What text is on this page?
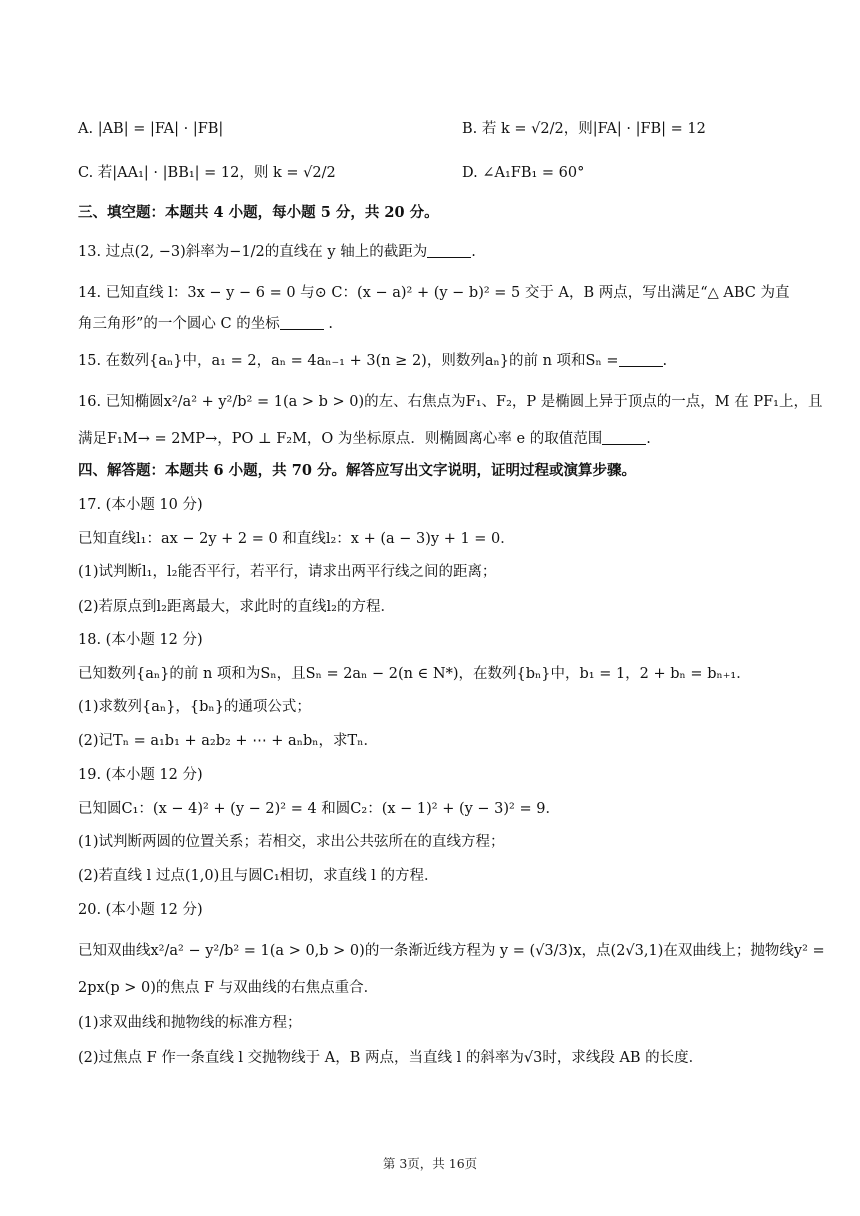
A. |AB| = |FA| · |FB|	B. 若 k = √2/2，则|FA| · |FB| = 12
C. 若|AA₁| · |BB₁| = 12，则 k = √2/2	D. ∠A₁FB₁ = 60°
三、填空题：本题共 4 小题，每小题 5 分，共 20 分。
13. 过点(2, −3)斜率为−1/2的直线在 y 轴上的截距为	.
14. 已知直线 l：3x − y − 6 = 0 与⊙ C：(x − a)² + (y − b)² = 5 交于 A，B 两点，写出满足“△ ABC 为直
角三角形”的一个圆心 C 的坐标	.
15. 在数列{aₙ}中，a₁ = 2，aₙ = 4aₙ₋₁ + 3(n ≥ 2)，则数列aₙ}的前 n 项和Sₙ =	.
16. 已知椭圆x²/a² + y²/b² = 1(a > b > 0)的左、右焦点为F₁、F₂，P 是椭圆上异于顶点的一点，M 在 PF₁上，且
满足F₁M→ = 2MP→，PO ⊥ F₂M，O 为坐标原点．则椭圆离心率 e 的取值范围	.
四、解答题：本题共 6 小题，共 70 分。解答应写出文字说明，证明过程或演算步骤。
17. (本小题 10 分)
已知直线l₁：ax − 2y + 2 = 0 和直线l₂：x + (a − 3)y + 1 = 0．
(1)试判断l₁，l₂能否平行，若平行，请求出两平行线之间的距离；
(2)若原点到l₂距离最大，求此时的直线l₂的方程．
18. (本小题 12 分)
已知数列{aₙ}的前 n 项和为Sₙ，且Sₙ = 2aₙ − 2(n ∈ N*)，在数列{bₙ}中，b₁ = 1，2 + bₙ = bₙ₊₁．
(1)求数列{aₙ}，{bₙ}的通项公式；
(2)记Tₙ = a₁b₁ + a₂b₂ + ⋯ + aₙbₙ，求Tₙ．
19. (本小题 12 分)
已知圆C₁：(x − 4)² + (y − 2)² = 4 和圆C₂：(x − 1)² + (y − 3)² = 9．
(1)试判断两圆的位置关系；若相交，求出公共弦所在的直线方程；
(2)若直线 l 过点(1,0)且与圆C₁相切，求直线 l 的方程．
20. (本小题 12 分)
已知双曲线x²/a² − y²/b² = 1(a > 0,b > 0)的一条渐近线方程为 y = (√3/3)x，点(2√3,1)在双曲线上；抛物线y² =
2px(p > 0)的焦点 F 与双曲线的右焦点重合．
(1)求双曲线和抛物线的标准方程；
(2)过焦点 F 作一条直线 l 交抛物线于 A，B 两点，当直线 l 的斜率为√3时，求线段 AB 的长度．
第 3页，共 16页
